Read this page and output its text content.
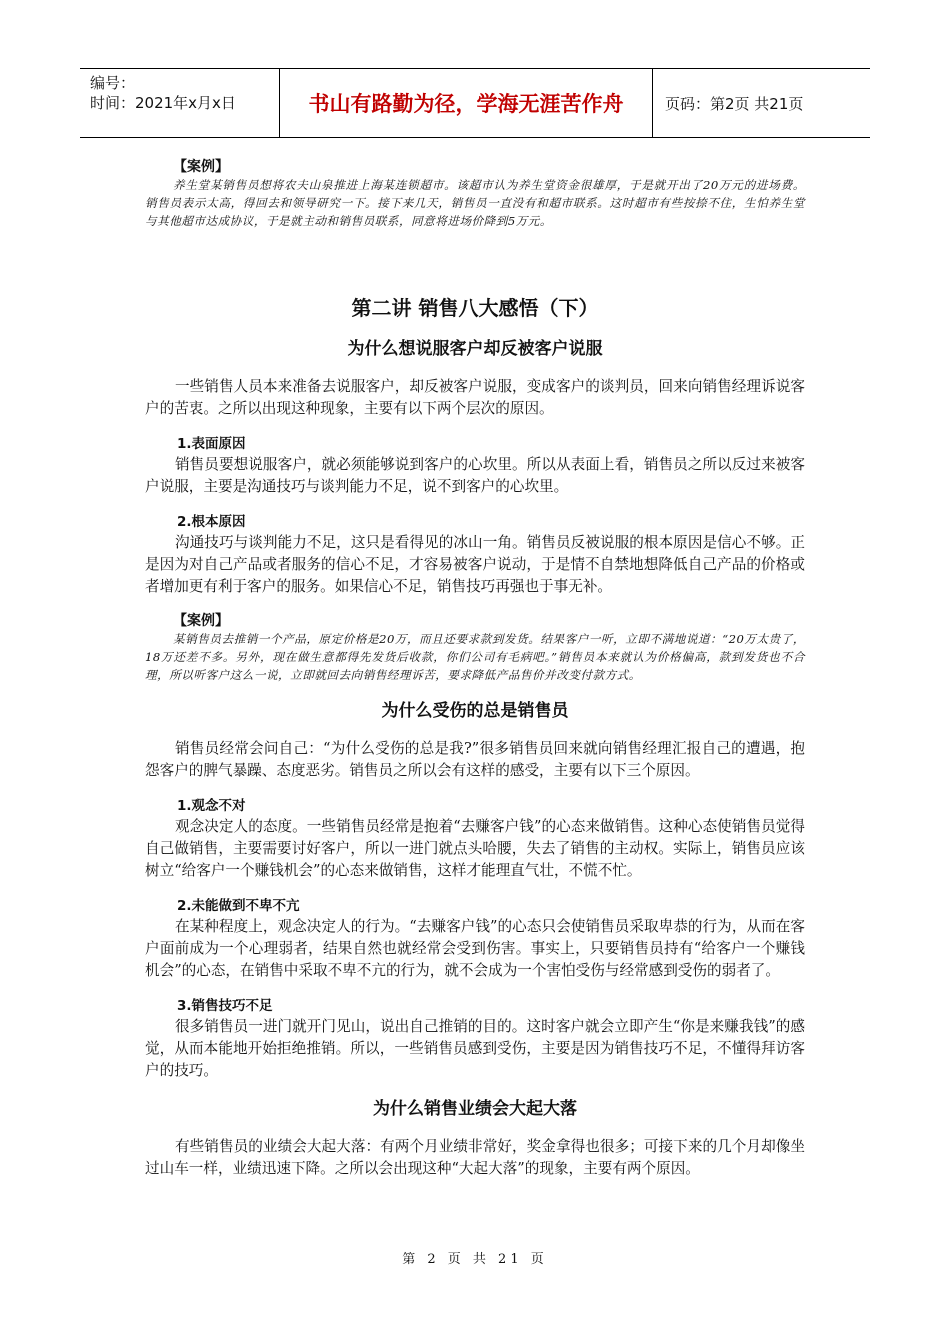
编号：
时间：2021年x月x日	书山有路勤为径，学海无涯苦作舟	页码：第2页 共21页
【案例】

养生堂某销售员想将农夫山泉推进上海某连锁超市。该超市认为养生堂资金很雄厚，于是就开出了20万元的进场费。销售员表示太高，得回去和领导研究一下。接下来几天，销售员一直没有和超市联系。这时超市有些按捺不住，生怕养生堂与其他超市达成协议，于是就主动和销售员联系，同意将进场价降到5万元。

第二讲 销售八大感悟（下）
为什么想说服客户却反被客户说服

一些销售人员本来准备去说服客户，却反被客户说服，变成客户的谈判员，回来向销售经理诉说客户的苦衷。之所以出现这种现象，主要有以下两个层次的原因。

1.表面原因

销售员要想说服客户，就必须能够说到客户的心坎里。所以从表面上看，销售员之所以反过来被客户说服，主要是沟通技巧与谈判能力不足，说不到客户的心坎里。

2.根本原因

沟通技巧与谈判能力不足，这只是看得见的冰山一角。销售员反被说服的根本原因是信心不够。正是因为对自己产品或者服务的信心不足，才容易被客户说动，于是情不自禁地想降低自己产品的价格或者增加更有利于客户的服务。如果信心不足，销售技巧再强也于事无补。

【案例】

某销售员去推销一个产品，原定价格是20万，而且还要求款到发货。结果客户一听，立即不满地说道：“20万太贵了，18万还差不多。另外，现在做生意都得先发货后收款，你们公司有毛病吧。”销售员本来就认为价格偏高，款到发货也不合理，所以听客户这么一说，立即就回去向销售经理诉苦，要求降低产品售价并改变付款方式。

为什么受伤的总是销售员

销售员经常会问自己：“为什么受伤的总是我?”很多销售员回来就向销售经理汇报自己的遭遇，抱怨客户的脾气暴躁、态度恶劣。销售员之所以会有这样的感受，主要有以下三个原因。

1.观念不对

观念决定人的态度。一些销售员经常是抱着“去赚客户钱”的心态来做销售。这种心态使销售员觉得自己做销售，主要需要讨好客户，所以一进门就点头哈腰，失去了销售的主动权。实际上，销售员应该树立“给客户一个赚钱机会”的心态来做销售，这样才能理直气壮，不慌不忙。

2.未能做到不卑不亢

在某种程度上，观念决定人的行为。“去赚客户钱”的心态只会使销售员采取卑恭的行为，从而在客户面前成为一个心理弱者，结果自然也就经常会受到伤害。事实上，只要销售员持有“给客户一个赚钱机会”的心态，在销售中采取不卑不亢的行为，就不会成为一个害怕受伤与经常感到受伤的弱者了。

3.销售技巧不足

很多销售员一进门就开门见山，说出自己推销的目的。这时客户就会立即产生“你是来赚我钱”的感觉，从而本能地开始拒绝推销。所以，一些销售员感到受伤，主要是因为销售技巧不足，不懂得拜访客户的技巧。

为什么销售业绩会大起大落

有些销售员的业绩会大起大落：有两个月业绩非常好，奖金拿得也很多；可接下来的几个月却像坐过山车一样，业绩迅速下降。之所以会出现这种“大起大落”的现象，主要有两个原因。

第 2 页 共 21 页
